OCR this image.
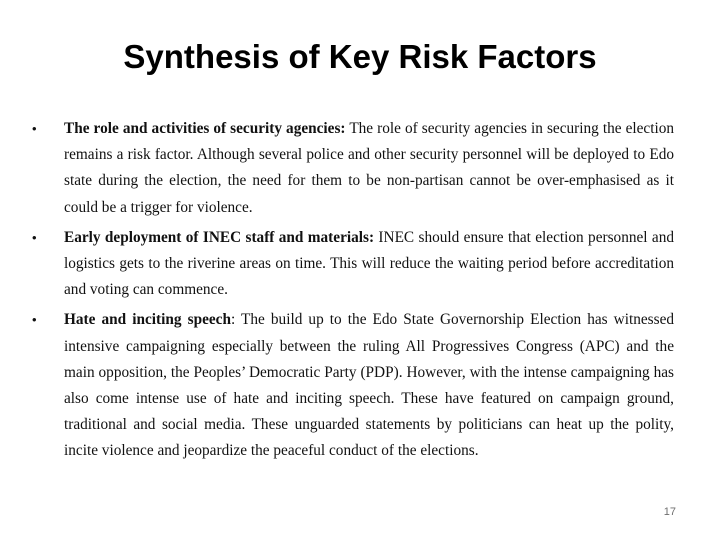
Synthesis of Key Risk Factors
• The role and activities of security agencies: The role of security agencies in securing the election remains a risk factor. Although several police and other security personnel will be deployed to Edo state during the election, the need for them to be non-partisan cannot be over-emphasised as it could be a trigger for violence.
• Early deployment of INEC staff and materials: INEC should ensure that election personnel and logistics gets to the riverine areas on time. This will reduce the waiting period before accreditation and voting can commence.
• Hate and inciting speech: The build up to the Edo State Governorship Election has witnessed intensive campaigning especially between the ruling All Progressives Congress (APC) and the main opposition, the Peoples’ Democratic Party (PDP). However, with the intense campaigning has also come intense use of hate and inciting speech. These have featured on campaign ground, traditional and social media. These unguarded statements by politicians can heat up the polity, incite violence and jeopardize the peaceful conduct of the elections.
17
